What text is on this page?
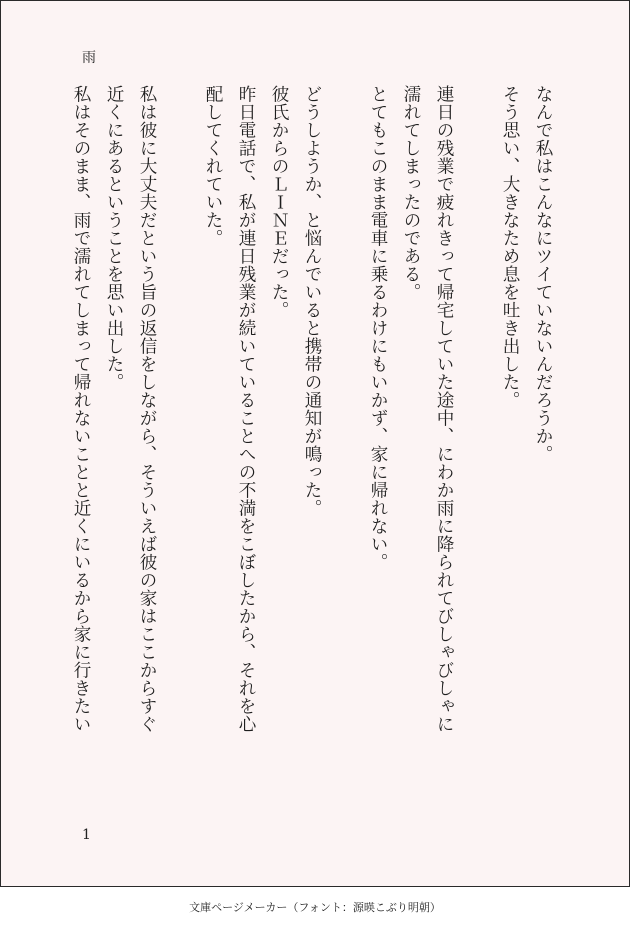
雨

なんで私はこんなにツイていないんだろうか。

そう思い、大きなため息を吐き出した。

連日の残業で疲れきって帰宅していた途中、にわか雨に降られてびしゃびしゃに

濡れてしまったのである。

とてもこのまま電車に乗るわけにもいかず、家に帰れない。

どうしようか、と悩んでいると携帯の通知が鳴った。

彼氏からのＬＩＮＥだった。

昨日電話で、私が連日残業が続いていることへの不満をこぼしたから、それを心

配してくれていた。

私は彼に大丈夫だという旨の返信をしながら、そういえば彼の家はここからすぐ

近くにあるということを思い出した。

私はそのまま、雨で濡れてしまって帰れないことと近くにいるから家に行きたい

1
文庫ページメーカー（フォント：源暎こぶり明朝）
